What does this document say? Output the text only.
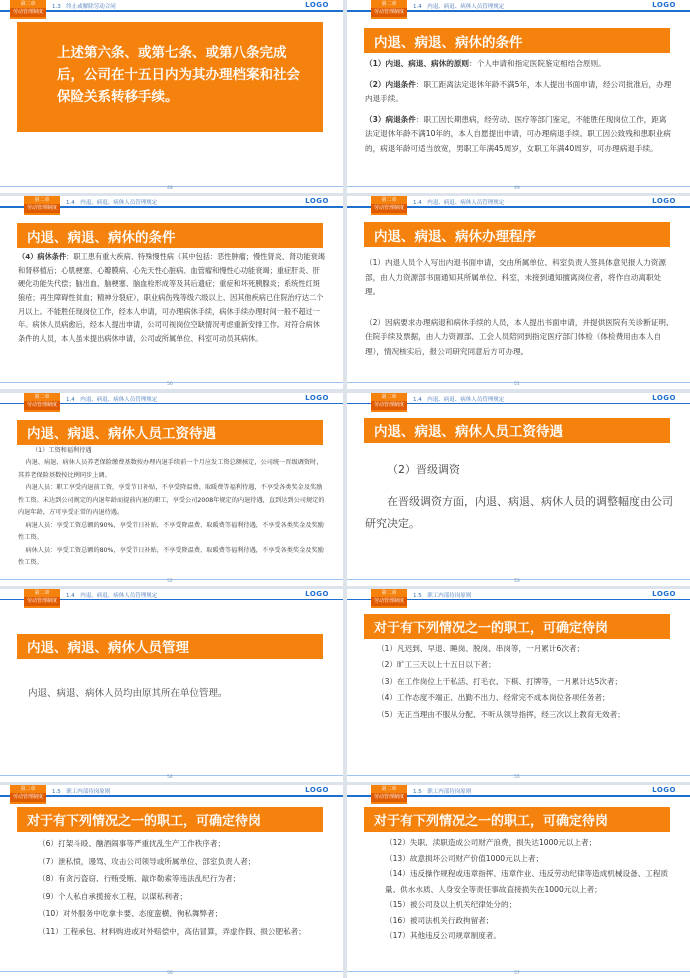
第二章
劳动管理制度
1.3　终止或解除劳动合同	LOGO
上述第六条、或第七条、或第八条完成后，公司在十五日内为其办理档案和社会保险关系转移手续。
48
第二章
劳动管理制度
1.4　内退、病退、病休人员管理规定	LOGO
内退、病退、病休的条件

（1）内退、病退、病休的原则：个人申请和指定医院鉴定相结合原则。

（2）内退条件：职工距离法定退休年龄不满5年，本人提出书面申请，经公司批准后，办理内退手续。

（3）病退条件：职工因长期患病，经劳动、医疗等部门鉴定，不能胜任现岗位工作，距离法定退休年龄不满10年的，本人自愿提出申请，可办理病退手续。职工因公致残和患职业病的，病退年龄可适当放宽，男职工年满45周岁，女职工年满40周岁，可办理病退手续。

49
第二章
劳动管理制度
1.4　内退、病退、病休人员管理规定	LOGO
内退、病退、病休的条件

（4）病休条件：职工患有重大疾病、特殊慢性病（其中包括：恶性肿瘤；慢性肾炎、肾功能衰竭和肾移植后；心肌梗塞、心瓣膜病、心先天性心脏病、血管瘤和慢性心功能衰竭；重症肝炎、肝硬化功能失代偿；脑出血、脑梗塞、脑血栓形成等及其后遗症；重症和坏死胰腺炎；系统性红斑狼疮；再生障碍性贫血；精神分裂症），职业病伤残等级六级以上、因其他疾病已住院治疗达二个月以上。不能胜任现岗位工作，经本人申请，可办理病休手续，病休手续办理时间一般不超过一年。病休人员病愈后，经本人提出申请，公司可视岗位空缺情况考虑重新安排工作。对符合病休条件的人员，本人虽未提出病休申请，公司或所属单位、科室可动员其病休。

50
第二章
劳动管理制度
1.4　内退、病退、病休人员管理规定	LOGO
内退、病退、病休办理程序

（1）内退人员个人写出内退书面申请，交由所属单位、科室负责人签具体意见报人力资源部，由人力资源部书面通知其所属单位、科室，未接到通知擅离岗位者，将作自动离职处理。

（2）因病要求办理病退和病休手续的人员，本人提出书面申请，并提供医院有关诊断证明、住院手续及票据，由人力资源部、工会人员陪同到指定医疗部门体检（体检费用由本人自理），情况核实后，报公司研究同意后方可办理。

51
第二章
劳动管理制度
1.4　内退、病退、病休人员管理规定	LOGO
内退、病退、病休人员工资待遇

（1）工资和福利待遇

内退、病退、病休人员养老保险缴费基数按办理内退手续前一个月应发工资总额核定，公司统一晋级调资时，其养老保险基数按比例同步上调。

内退人员：职工享受内退前工资，享受节日补贴，不享受降温费、取暖费等福利待遇，不享受各类奖金及奖励性工资。未达到公司规定的内退年龄而提前内退的职工，享受公司2008年规定的内退待遇，直到达到公司规定的内退年龄，方可享受正常的内退待遇。

病退人员：享受工资总额的90%，享受节日补贴，不享受降温费、取暖费等福利待遇，不享受各类奖金及奖励性工资。

病休人员：享受工资总额的80%，享受节日补贴，不享受降温费、取暖费等福利待遇，不享受各类奖金及奖励性工资。

52
第二章
劳动管理制度
1.4　内退、病退、病休人员管理规定	LOGO
内退、病退、病休人员工资待遇

（2）晋级调资

在晋级调资方面，内退、病退、病休人员的调整幅度由公司研究决定。

53
第二章
劳动管理制度
1.4　内退、病退、病休人员管理规定	LOGO
内退、病退、病休人员管理

内退、病退、病休人员均由原其所在单位管理。

54
第二章
劳动管理制度
1.5　职工内部待岗原则	LOGO
对于有下列情况之一的职工，可确定待岗

（1）凡迟到、早退、睡岗、脱岗、串岗等，一月累计6次者；

（2）旷工三天以上十五日以下者；

（3）在工作岗位上干私活、打毛衣、下棋、打牌等，一月累计达5次者；

（4）工作态度不端正、出勤不出力、经常完不成本岗位各项任务者；

（5）无正当理由不服从分配、不听从领导指挥，经三次以上教育无效者；

55
第二章
劳动管理制度
1.5　职工内部待岗原则	LOGO
对于有下列情况之一的职工，可确定待岗

（6）打架斗殴、酗酒闹事等严重扰乱生产工作秩序者；

（7）泄私愤，谩骂、攻击公司领导或所属单位、部室负责人者；

（8）有贪污盗窃、行贿受贿、敲诈勒索等违法乱纪行为者；

（9）个人私自承揽接水工程，以谋私利者；

（10）对外服务中吃拿卡要、态度蛮横、徇私舞弊者；

（11）工程承包、材料购进或对外赔偿中，高估冒算，弄虚作假、损公肥私者；

56
第二章
劳动管理制度
1.5　职工内部待岗原则	LOGO
对于有下列情况之一的职工，可确定待岗

（12）失职、渎职造成公司财产浪费，损失达1000元以上者；

（13）故意损坏公司财产价值1000元以上者；

（14）违反操作规程或违章指挥、违章作业、违反劳动纪律等造成机械设备、工程质量、供水水质、人身安全等责任事故直接损失在1000元以上者；

（15）被公司及以上机关纪律处分的；

（16）被司法机关行政拘留者；

（17）其他违反公司规章制度者。

57
